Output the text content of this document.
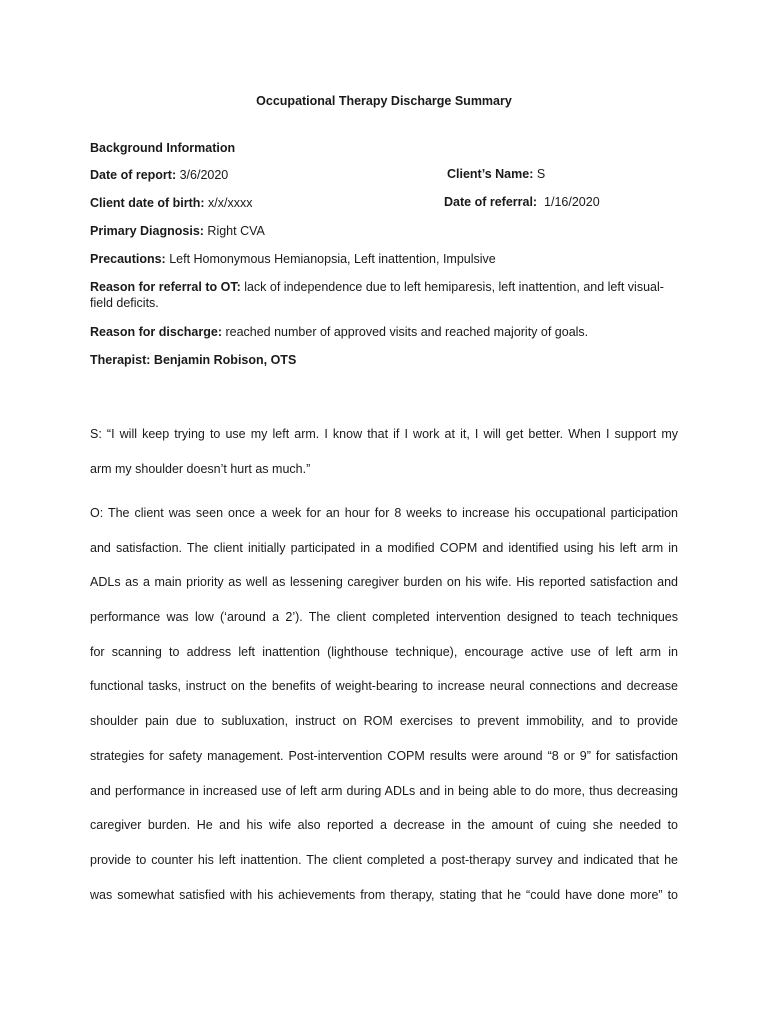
Occupational Therapy Discharge Summary
Background Information
Date of report: 3/6/2020	Client’s Name: S
Client date of birth: x/x/xxxx	Date of referral:  1/16/2020
Primary Diagnosis: Right CVA
Precautions: Left Homonymous Hemianopsia, Left inattention, Impulsive
Reason for referral to OT: lack of independence due to left hemiparesis, left inattention, and left visual-
field deficits.
Reason for discharge: reached number of approved visits and reached majority of goals.
Therapist: Benjamin Robison, OTS
S: “I will keep trying to use my left arm. I know that if I work at it, I will get better. When I support my
arm my shoulder doesn’t hurt as much.”
O: The client was seen once a week for an hour for 8 weeks to increase his occupational participation
and satisfaction. The client initially participated in a modified COPM and identified using his left arm in
ADLs as a main priority as well as lessening caregiver burden on his wife. His reported satisfaction and
performance was low (‘around a 2’). The client completed intervention designed to teach techniques
for scanning to address left inattention (lighthouse technique), encourage active use of left arm in
functional tasks, instruct on the benefits of weight-bearing to increase neural connections and decrease
shoulder pain due to subluxation, instruct on ROM exercises to prevent immobility, and to provide
strategies for safety management. Post-intervention COPM results were around “8 or 9” for satisfaction
and performance in increased use of left arm during ADLs and in being able to do more, thus decreasing
caregiver burden. He and his wife also reported a decrease in the amount of cuing she needed to
provide to counter his left inattention. The client completed a post-therapy survey and indicated that he
was somewhat satisfied with his achievements from therapy, stating that he “could have done more” to
